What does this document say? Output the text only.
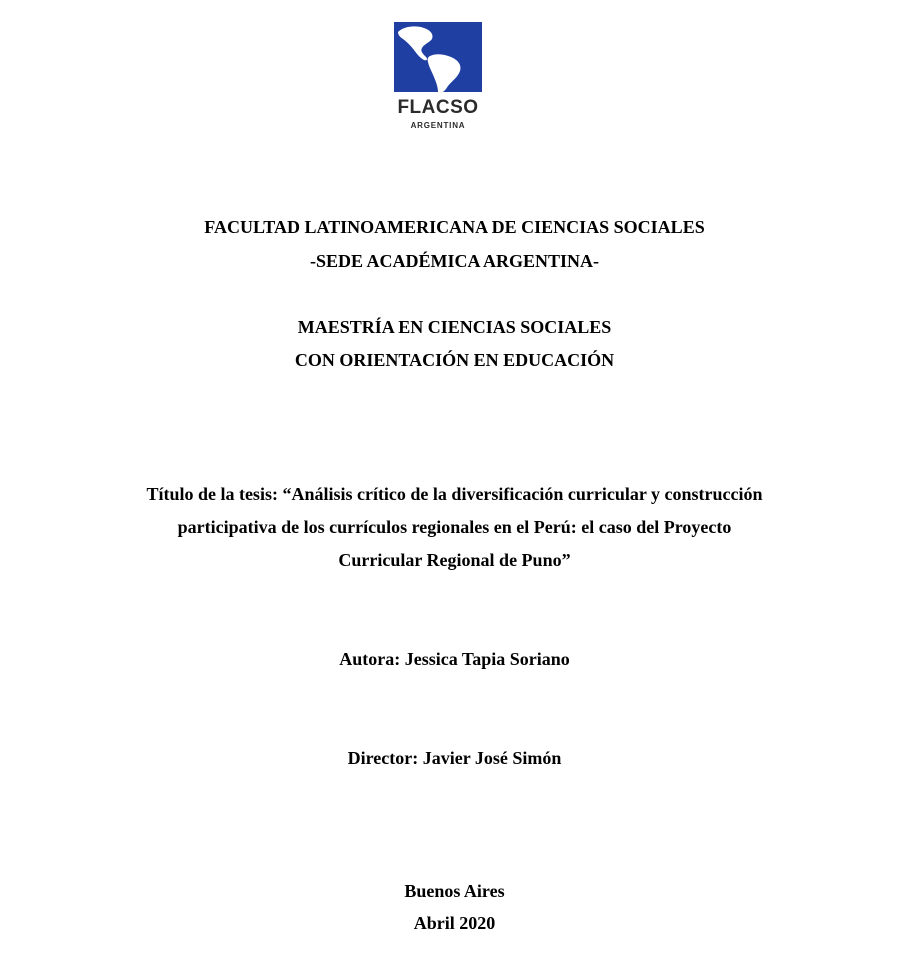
FLACSO
ARGENTINA
FACULTAD LATINOAMERICANA DE CIENCIAS SOCIALES
-SEDE ACADÉMICA ARGENTINA-
MAESTRÍA EN CIENCIAS SOCIALES
CON ORIENTACIÓN EN EDUCACIÓN
Título de la tesis: “Análisis crítico de la diversificación curricular y construcción
participativa de los currículos regionales en el Perú: el caso del Proyecto
Curricular Regional de Puno”
Autora: Jessica Tapia Soriano
Director: Javier José Simón
Buenos Aires
Abril 2020
